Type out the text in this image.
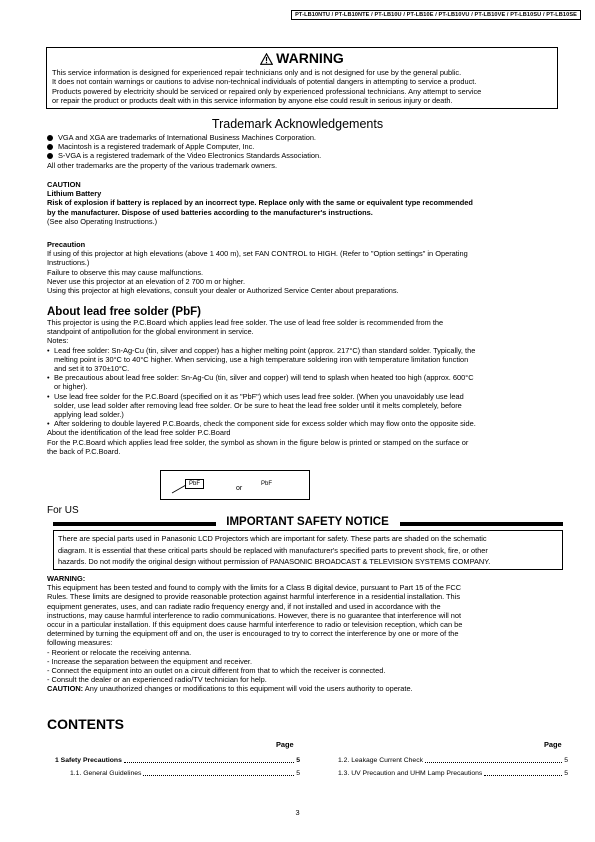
PT-LB10NTU / PT-LB10NTE / PT-LB10U / PT-LB10E / PT-LB10VU / PT-LB10VE / PT-LB10SU / PT-LB10SE
WARNING
This service information is designed for experienced repair technicians only and is not designed for use by the general public.
It does not contain warnings or cautions to advise non-technical individuals of potential dangers in attempting to service a product.
Products powered by electricity should be serviced or repaired only by experienced professional technicians. Any attempt to service
or repair the product or products dealt with in this service information by anyone else could result in serious injury or death.
Trademark Acknowledgements
VGA and XGA are trademarks of International Business Machines Corporation.
Macintosh is a registered trademark of Apple Computer, Inc.
S-VGA is a registered trademark of the Video Electronics Standards Association.
All other trademarks are the property of the various trademark owners.
CAUTION
Lithium Battery
Risk of explosion if battery is replaced by an incorrect type. Replace only with the same or equivalent type recommended
by the manufacturer. Dispose of used batteries according to the manufacturer's instructions.
(See also Operating Instructions.)
Precaution
If using of this projector at high elevations (above 1 400 m), set FAN CONTROL to HIGH. (Refer to "Option settings" in Operating
Instructions.)
Failure to observe this may cause malfunctions.
Never use this projector at an elevation of 2 700 m or higher.
Using this projector at high elevations, consult your dealer or Authorized Service Center about preparations.
About lead free solder (PbF)
This projector is using the P.C.Board which applies lead free solder. The use of lead free solder is recommended from the
standpoint of antipollution for the global environment in service.
Notes:
• Lead free solder: Sn-Ag-Cu (tin, silver and copper) has a higher melting point (approx. 217°C) than standard solder. Typically, the
melting point is 30°C to 40°C higher. When servicing, use a high temperature soldering iron with temperature limitation function
and set it to 370±10°C.
• Be precautious about lead free solder: Sn-Ag-Cu (tin, silver and copper) will tend to splash when heated too high (approx. 600°C
or higher).
• Use lead free solder for the P.C.Board (specified on it as "PbF") which uses lead free solder. (When you unavoidably use lead
solder, use lead solder after removing lead free solder. Or be sure to heat the lead free solder until it melts completely, before
applying lead solder.)
• After soldering to double layered P.C.Boards, check the component side for excess solder which may flow onto the opposite side.
About the identification of the lead free solder P.C.Board
For the P.C.Board which applies lead free solder, the symbol as shown in the figure below is printed or stamped on the surface or
the back of P.C.Board.
PbF
or
PbF
For US
IMPORTANT SAFETY NOTICE
There are special parts used in Panasonic LCD Projectors which are important for safety. These parts are shaded on the schematic
diagram. It is essential that these critical parts should be replaced with manufacturer's specified parts to prevent shock, fire, or other
hazards. Do not modify the original design without permission of PANASONIC BROADCAST & TELEVISION SYSTEMS COMPANY.
WARNING:
This equipment has been tested and found to comply with the limits for a Class B digital device, pursuant to Part 15 of the FCC
Rules. These limits are designed to provide reasonable protection against harmful interference in a residential installation. This
equipment generates, uses, and can radiate radio frequency energy and, if not installed and used in accordance with the
instructions, may cause harmful interference to radio communications. However, there is no guarantee that interference will not
occur in a particular installation. If this equipment does cause harmful interference to radio or television reception, which can be
determined by turning the equipment off and on, the user is encouraged to try to correct the interference by one or more of the
following measures:
- Reorient or relocate the receiving antenna.
- Increase the separation between the equipment and receiver.
- Connect the equipment into an outlet on a circuit different from that to which the receiver is connected.
- Consult the dealer or an experienced radio/TV technician for help.
CAUTION: Any unauthorized changes or modifications to this equipment will void the users authority to operate.
CONTENTS
Page	Page
1 Safety Precautions	5
1.1. General Guidelines	5
1.2. Leakage Current Check	5
1.3. UV Precaution and UHM Lamp Precautions	5
3
